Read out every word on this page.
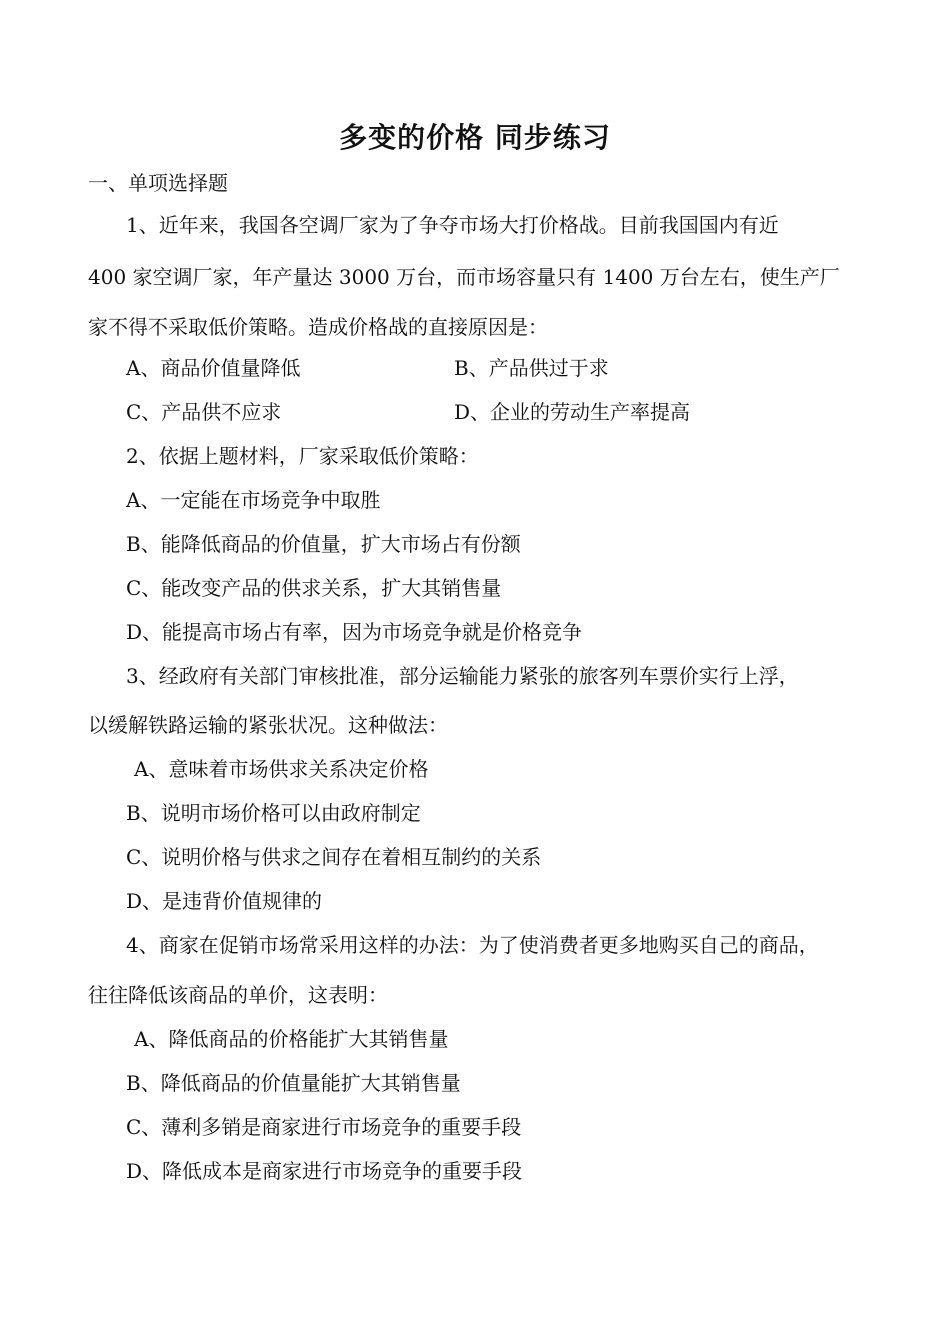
多变的价格 同步练习
一、单项选择题
1、近年来，我国各空调厂家为了争夺市场大打价格战。目前我国国内有近
400 家空调厂家，年产量达 3000 万台，而市场容量只有 1400 万台左右，使生产厂
家不得不采取低价策略。造成价格战的直接原因是：
A、商品价值量降低	B、产品供过于求
C、产品供不应求	D、企业的劳动生产率提高
2、依据上题材料，厂家采取低价策略：
A、一定能在市场竞争中取胜
B、能降低商品的价值量，扩大市场占有份额
C、能改变产品的供求关系，扩大其销售量
D、能提高市场占有率，因为市场竞争就是价格竞争
3、经政府有关部门审核批准，部分运输能力紧张的旅客列车票价实行上浮，
以缓解铁路运输的紧张状况。这种做法：
A、意味着市场供求关系决定价格
B、说明市场价格可以由政府制定
C、说明价格与供求之间存在着相互制约的关系
D、是违背价值规律的
4、商家在促销市场常采用这样的办法：为了使消费者更多地购买自己的商品，
往往降低该商品的单价，这表明：
A、降低商品的价格能扩大其销售量
B、降低商品的价值量能扩大其销售量
C、薄利多销是商家进行市场竞争的重要手段
D、降低成本是商家进行市场竞争的重要手段
